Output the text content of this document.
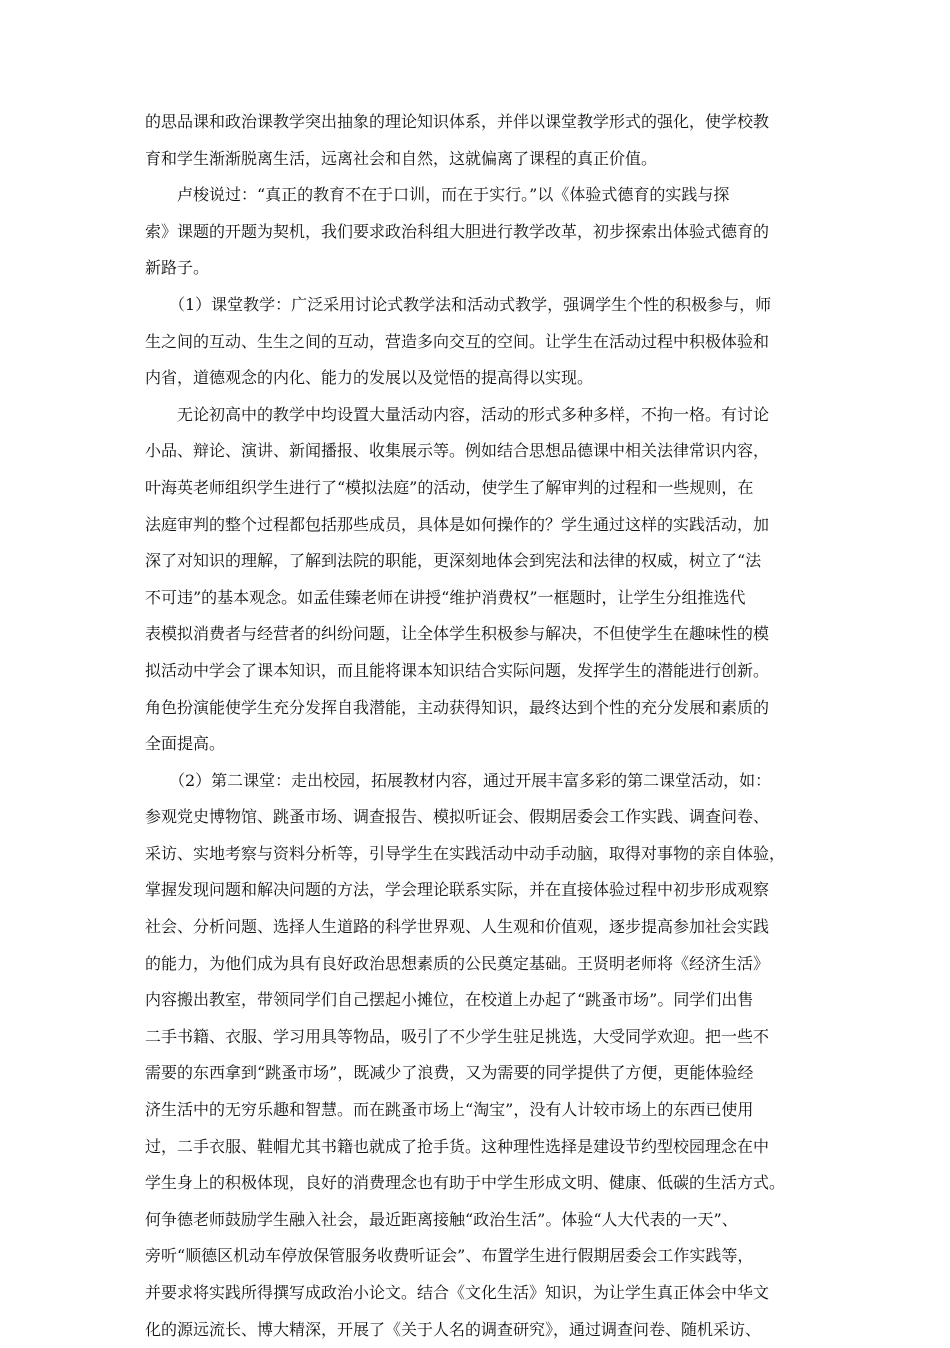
的思品课和政治课教学突出抽象的理论知识体系，并伴以课堂教学形式的强化，使学校教
育和学生渐渐脱离生活，远离社会和自然，这就偏离了课程的真正价值。
　　卢梭说过：“真正的教育不在于口训，而在于实行。”以《体验式德育的实践与探
索》课题的开题为契机，我们要求政治科组大胆进行教学改革，初步探索出体验式德育的
新路子。
　　（1）课堂教学：广泛采用讨论式教学法和活动式教学，强调学生个性的积极参与，师
生之间的互动、生生之间的互动，营造多向交互的空间。让学生在活动过程中积极体验和
内省，道德观念的内化、能力的发展以及觉悟的提高得以实现。
　　无论初高中的教学中均设置大量活动内容，活动的形式多种多样，不拘一格。有讨论
小品、辩论、演讲、新闻播报、收集展示等。例如结合思想品德课中相关法律常识内容，
叶海英老师组织学生进行了“模拟法庭”的活动，使学生了解审判的过程和一些规则，在
法庭审判的整个过程都包括那些成员，具体是如何操作的？学生通过这样的实践活动，加
深了对知识的理解，了解到法院的职能，更深刻地体会到宪法和法律的权威，树立了“法
不可违”的基本观念。如孟佳臻老师在讲授“维护消费权”一框题时，让学生分组推选代
表模拟消费者与经营者的纠纷问题，让全体学生积极参与解决，不但使学生在趣味性的模
拟活动中学会了课本知识，而且能将课本知识结合实际问题，发挥学生的潜能进行创新。
角色扮演能使学生充分发挥自我潜能，主动获得知识，最终达到个性的充分发展和素质的
全面提高。
　　（2）第二课堂：走出校园，拓展教材内容，通过开展丰富多彩的第二课堂活动，如：
参观党史博物馆、跳蚤市场、调查报告、模拟听证会、假期居委会工作实践、调查问卷、
采访、实地考察与资料分析等，引导学生在实践活动中动手动脑，取得对事物的亲自体验，
掌握发现问题和解决问题的方法，学会理论联系实际，并在直接体验过程中初步形成观察
社会、分析问题、选择人生道路的科学世界观、人生观和价值观，逐步提高参加社会实践
的能力，为他们成为具有良好政治思想素质的公民奠定基础。王贤明老师将《经济生活》
内容搬出教室，带领同学们自己摆起小摊位，在校道上办起了“跳蚤市场”。同学们出售
二手书籍、衣服、学习用具等物品，吸引了不少学生驻足挑选，大受同学欢迎。把一些不
需要的东西拿到“跳蚤市场”，既减少了浪费，又为需要的同学提供了方便，更能体验经
济生活中的无穷乐趣和智慧。而在跳蚤市场上“淘宝”，没有人计较市场上的东西已使用
过，二手衣服、鞋帽尤其书籍也就成了抢手货。这种理性选择是建设节约型校园理念在中
学生身上的积极体现，良好的消费理念也有助于中学生形成文明、健康、低碳的生活方式。
何争德老师鼓励学生融入社会，最近距离接触“政治生活”。体验“人大代表的一天”、
旁听“顺德区机动车停放保管服务收费听证会”、布置学生进行假期居委会工作实践等，
并要求将实践所得撰写成政治小论文。结合《文化生活》知识，为让学生真正体会中华文
化的源远流长、博大精深，开展了《关于人名的调查研究》，通过调查问卷、随机采访、
